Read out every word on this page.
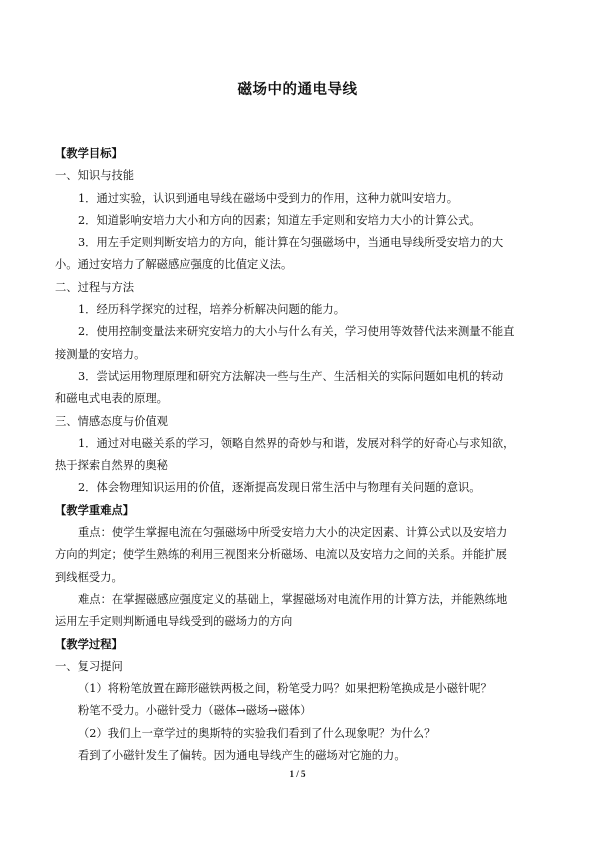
磁场中的通电导线
【教学目标】
一、知识与技能
1．通过实验，认识到通电导线在磁场中受到力的作用，这种力就叫安培力。
2．知道影响安培力大小和方向的因素；知道左手定则和安培力大小的计算公式。
3．用左手定则判断安培力的方向，能计算在匀强磁场中，当通电导线所受安培力的大
小。通过安培力了解磁感应强度的比值定义法。
二、过程与方法
1．经历科学探究的过程，培养分析解决问题的能力。
2．使用控制变量法来研究安培力的大小与什么有关，学习使用等效替代法来测量不能直
接测量的安培力。
3．尝试运用物理原理和研究方法解决一些与生产、生活相关的实际问题如电机的转动
和磁电式电表的原理。
三、情感态度与价值观
1．通过对电磁关系的学习，领略自然界的奇妙与和谐，发展对科学的好奇心与求知欲，
热于探索自然界的奥秘
2．体会物理知识运用的价值，逐渐提高发现日常生活中与物理有关问题的意识。
【教学重难点】
重点：使学生掌握电流在匀强磁场中所受安培力大小的决定因素、计算公式以及安培力
方向的判定；使学生熟练的利用三视图来分析磁场、电流以及安培力之间的关系。并能扩展
到线框受力。
难点：在掌握磁感应强度定义的基础上，掌握磁场对电流作用的计算方法，并能熟练地
运用左手定则判断通电导线受到的磁场力的方向
【教学过程】
一、复习提问
（1）将粉笔放置在蹄形磁铁两极之间，粉笔受力吗？如果把粉笔换成是小磁针呢？
粉笔不受力。小磁针受力（磁体→磁场→磁体）
（2）我们上一章学过的奥斯特的实验我们看到了什么现象呢？为什么？
看到了小磁针发生了偏转。因为通电导线产生的磁场对它施的力。
1 / 5
